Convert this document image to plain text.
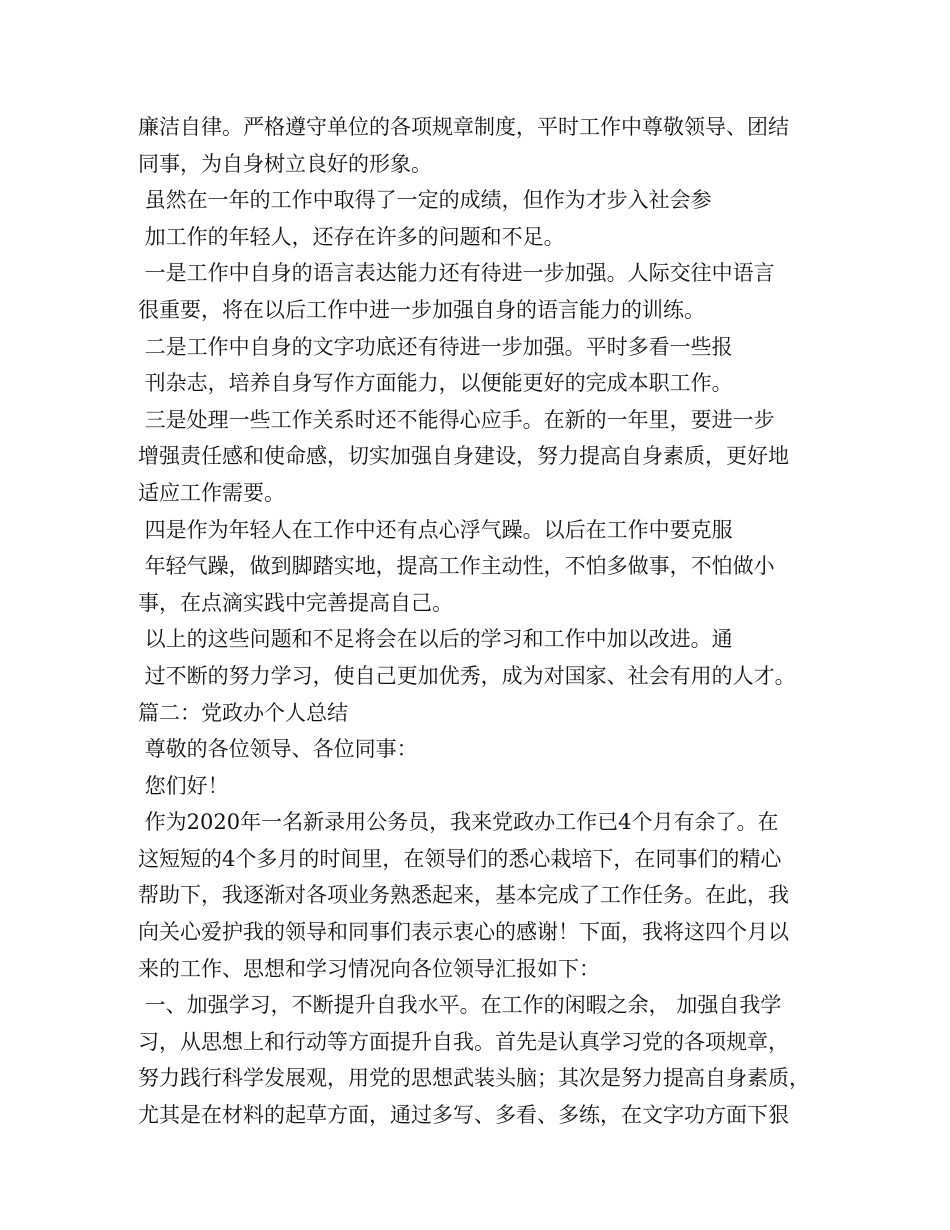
廉洁自律。严格遵守单位的各项规章制度，平时工作中尊敬领导、团结

同事，为自身树立良好的形象。

虽然在一年的工作中取得了一定的成绩，但作为才步入社会参

加工作的年轻人，还存在许多的问题和不足。

一是工作中自身的语言表达能力还有待进一步加强。人际交往中语言

很重要，将在以后工作中进一步加强自身的语言能力的训练。

二是工作中自身的文字功底还有待进一步加强。平时多看一些报

刊杂志，培养自身写作方面能力，以便能更好的完成本职工作。

三是处理一些工作关系时还不能得心应手。在新的一年里，要进一步

增强责任感和使命感，切实加强自身建设，努力提高自身素质，更好地

适应工作需要。

四是作为年轻人在工作中还有点心浮气躁。以后在工作中要克服

年轻气躁，做到脚踏实地，提高工作主动性，不怕多做事，不怕做小

事，在点滴实践中完善提高自己。

以上的这些问题和不足将会在以后的学习和工作中加以改进。通

过不断的努力学习，使自己更加优秀，成为对国家、社会有用的人才。

篇二：党政办个人总结

尊敬的各位领导、各位同事：

您们好！

作为2020年一名新录用公务员，我来党政办工作已4个月有余了。在

这短短的4个多月的时间里，在领导们的悉心栽培下，在同事们的精心

帮助下，我逐渐对各项业务熟悉起来，基本完成了工作任务。在此，我

向关心爱护我的领导和同事们表示衷心的感谢！下面，我将这四个月以

来的工作、思想和学习情况向各位领导汇报如下：

一、加强学习，不断提升自我水平。在工作的闲暇之余， 加强自我学

习，从思想上和行动等方面提升自我。首先是认真学习党的各项规章，

努力践行科学发展观，用党的思想武装头脑；其次是努力提高自身素质，

尤其是在材料的起草方面，通过多写、多看、多练，在文字功方面下狠
